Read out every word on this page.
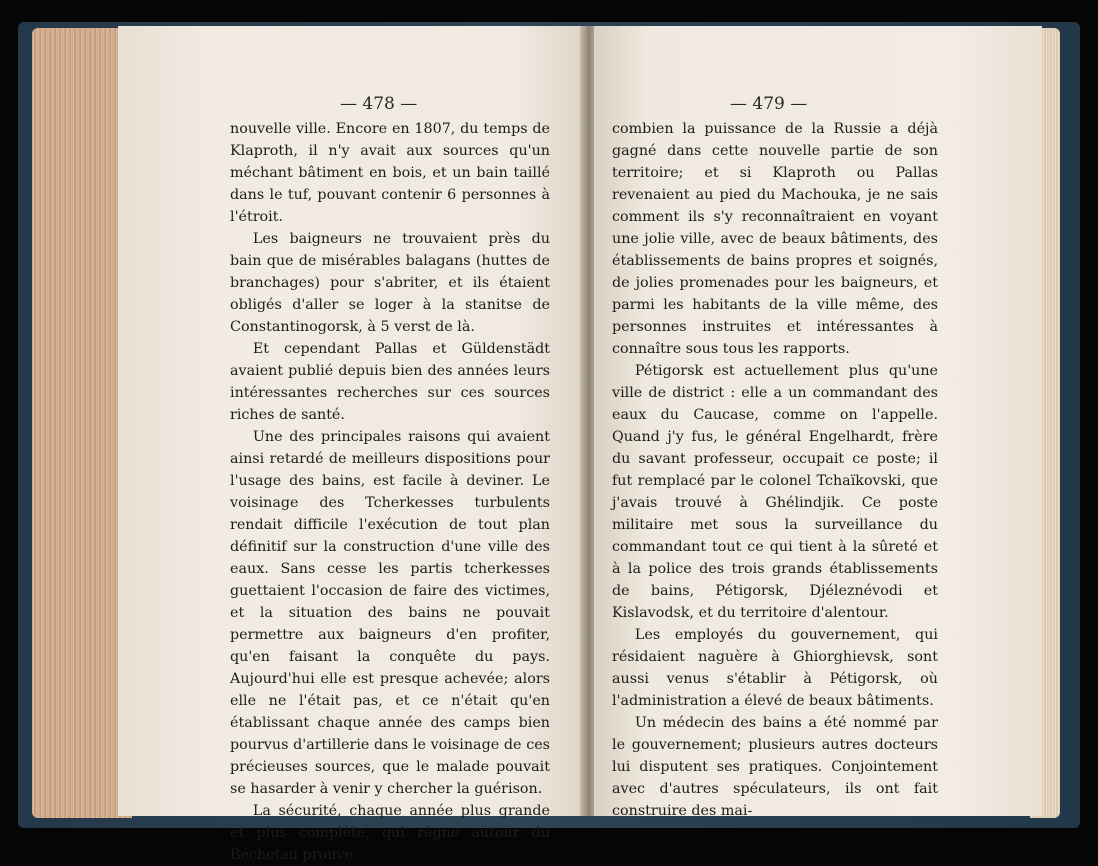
— 478 —

nouvelle ville. Encore en 1807, du temps de Klaproth, il n'y avait aux sources qu'un méchant bâtiment en bois, et un bain taillé dans le tuf, pouvant contenir 6 personnes à l'étroit.

Les baigneurs ne trouvaient près du bain que de misérables balagans (huttes de branchages) pour s'abriter, et ils étaient obligés d'aller se loger à la stanitse de Constantinogorsk, à 5 verst de là.

Et cependant Pallas et Güldenstädt avaient publié depuis bien des années leurs intéressantes recherches sur ces sources riches de santé.

Une des principales raisons qui avaient ainsi retardé de meilleurs dispositions pour l'usage des bains, est facile à deviner. Le voisinage des Tcherkesses turbulents rendait difficile l'exécution de tout plan définitif sur la construction d'une ville des eaux. Sans cesse les partis tcherkesses guettaient l'occasion de faire des victimes, et la situation des bains ne pouvait permettre aux baigneurs d'en profiter, qu'en faisant la conquête du pays. Aujourd'hui elle est presque achevée; alors elle ne l'était pas, et ce n'était qu'en établissant chaque année des camps bien pourvus d'artillerie dans le voisinage de ces précieuses sources, que le malade pouvait se hasarder à venir y chercher la guérison.

La sécurité, chaque année plus grande et plus complète, qui règne autour du Béchetau prouve

— 479 —

combien la puissance de la Russie a déjà gagné dans cette nouvelle partie de son territoire; et si Klaproth ou Pallas revenaient au pied du Machouka, je ne sais comment ils s'y reconnaîtraient en voyant une jolie ville, avec de beaux bâtiments, des établissements de bains propres et soignés, de jolies promenades pour les baigneurs, et parmi les habitants de la ville même, des personnes instruites et intéressantes à connaître sous tous les rapports.

Pétigorsk est actuellement plus qu'une ville de district : elle a un commandant des eaux du Caucase, comme on l'appelle. Quand j'y fus, le général Engelhardt, frère du savant professeur, occupait ce poste; il fut remplacé par le colonel Tchaïkovski, que j'avais trouvé à Ghélindjik. Ce poste militaire met sous la surveillance du commandant tout ce qui tient à la sûreté et à la police des trois grands établissements de bains, Pétigorsk, Djéleznévodi et Kislavodsk, et du territoire d'alentour.

Les employés du gouvernement, qui résidaient naguère à Ghiorghievsk, sont aussi venus s'établir à Pétigorsk, où l'administration a élevé de beaux bâtiments.

Un médecin des bains a été nommé par le gouvernement; plusieurs autres docteurs lui disputent ses pratiques. Conjointement avec d'autres spéculateurs, ils ont fait construire des mai-
